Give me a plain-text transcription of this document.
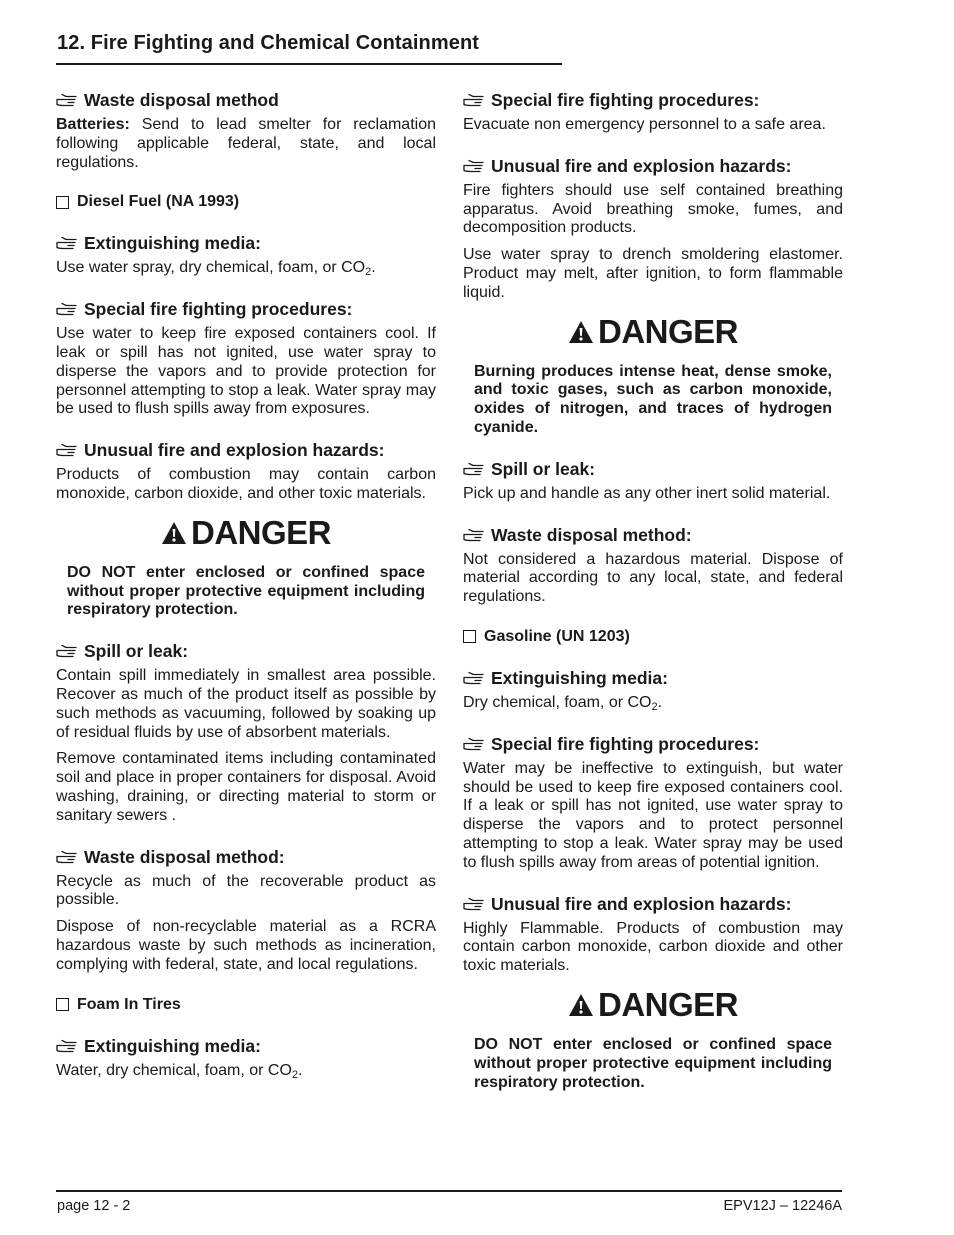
12. Fire Fighting and Chemical Containment
Waste disposal method
Batteries: Send to lead smelter for reclamation following applicable federal, state, and local regulations.
Diesel Fuel (NA 1993)
Extinguishing media:
Use water spray, dry chemical, foam, or $CO_2$.
Special fire fighting procedures:
Use water to keep fire exposed containers cool. If leak or spill has not ignited, use water spray to disperse the vapors and to provide protection for personnel attempting to stop a leak. Water spray may be used to flush spills away from exposures.
Unusual fire and explosion hazards:
Products of combustion may contain carbon monoxide, carbon dioxide, and other toxic materials.
DANGER
DO NOT enter enclosed or confined space without proper protective equipment including respiratory protection.
Spill or leak:
Contain spill immediately in smallest area possible. Recover as much of the product itself as possible by such methods as vacuuming, followed by soaking up of residual fluids by use of absorbent materials.
Remove contaminated items including contaminated soil and place in proper containers for disposal. Avoid washing, draining, or directing material to storm or sanitary sewers .
Waste disposal method:
Recycle as much of the recoverable product as possible.
Dispose of non-recyclable material as a RCRA hazardous waste by such methods as incineration, complying with federal, state, and local regulations.
Foam In Tires
Extinguishing media:
Water, dry chemical, foam, or $CO_2$.
Special fire fighting procedures:
Evacuate non emergency personnel to a safe area.
Unusual fire and explosion hazards:
Fire fighters should use self contained breathing apparatus. Avoid breathing smoke, fumes, and decomposition products.
Use water spray to drench smoldering elastomer. Product may melt, after ignition, to form flammable liquid.
DANGER
Burning produces intense heat, dense smoke, and toxic gases, such as carbon monoxide, oxides of nitrogen, and traces of hydrogen cyanide.
Spill or leak:
Pick up and handle as any other inert solid material.
Waste disposal method:
Not considered a hazardous material. Dispose of material according to any local, state, and federal regulations.
Gasoline (UN 1203)
Extinguishing media:
Dry chemical, foam, or $CO_2$.
Special fire fighting procedures:
Water may be ineffective to extinguish, but water should be used to keep fire exposed containers cool. If a leak or spill has not ignited, use water spray to disperse the vapors and to protect personnel attempting to stop a leak. Water spray may be used to flush spills away from areas of potential ignition.
Unusual fire and explosion hazards:
Highly Flammable. Products of combustion may contain carbon monoxide, carbon dioxide and other toxic materials.
DANGER
DO NOT enter enclosed or confined space without proper protective equipment including respiratory protection.
page 12 - 2	EPV12J – 12246A
